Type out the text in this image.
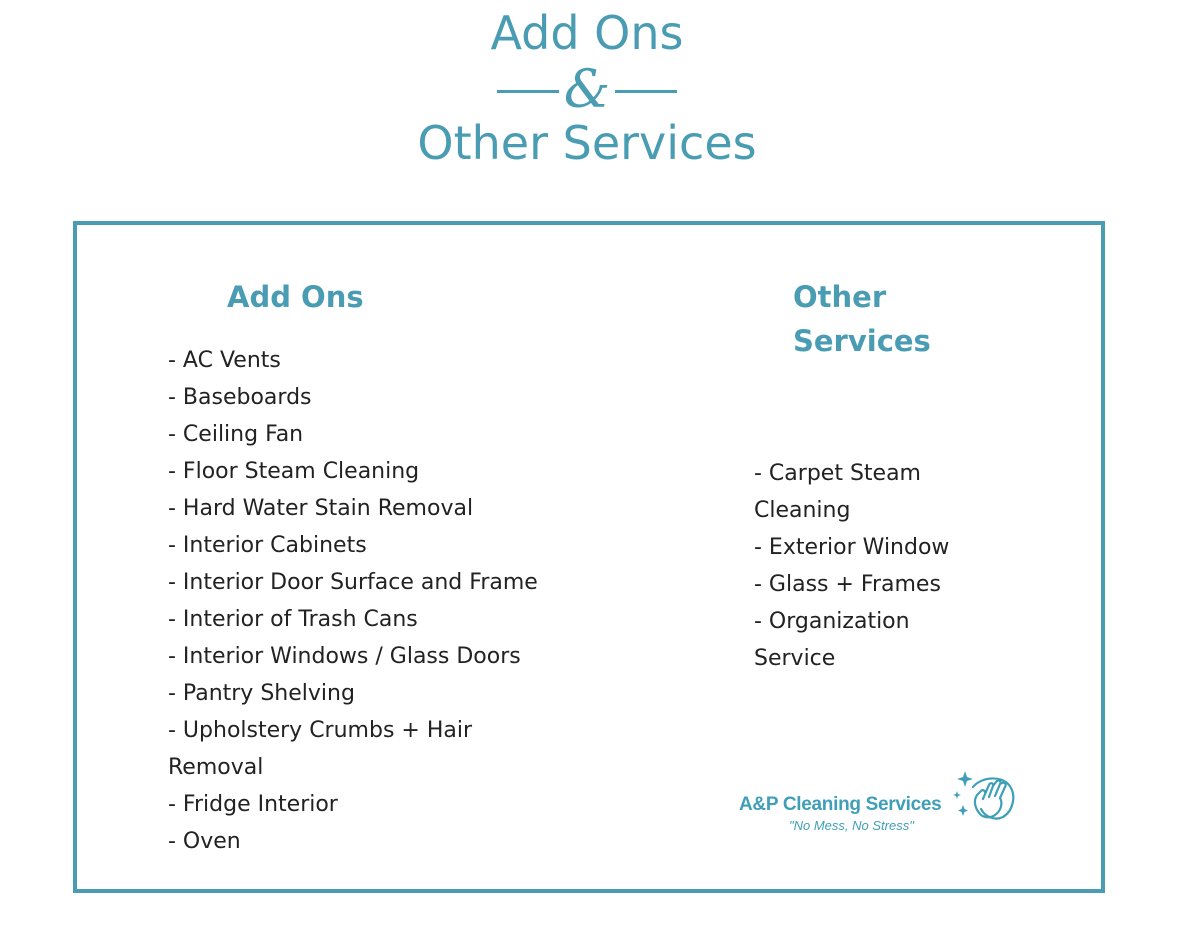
Add Ons
&
Other Services
Add Ons
- AC Vents
- Baseboards
- Ceiling Fan
- Floor Steam Cleaning
- Hard Water Stain Removal
- Interior Cabinets
- Interior Door Surface and Frame
- Interior of Trash Cans
- Interior Windows / Glass Doors
- Pantry Shelving
- Upholstery Crumbs + Hair
Removal
- Fridge Interior
- Oven
Other
Services
- Carpet Steam
Cleaning
- Exterior Window
- Glass + Frames
- Organization
Service
A&P Cleaning Services
"No Mess, No Stress"
